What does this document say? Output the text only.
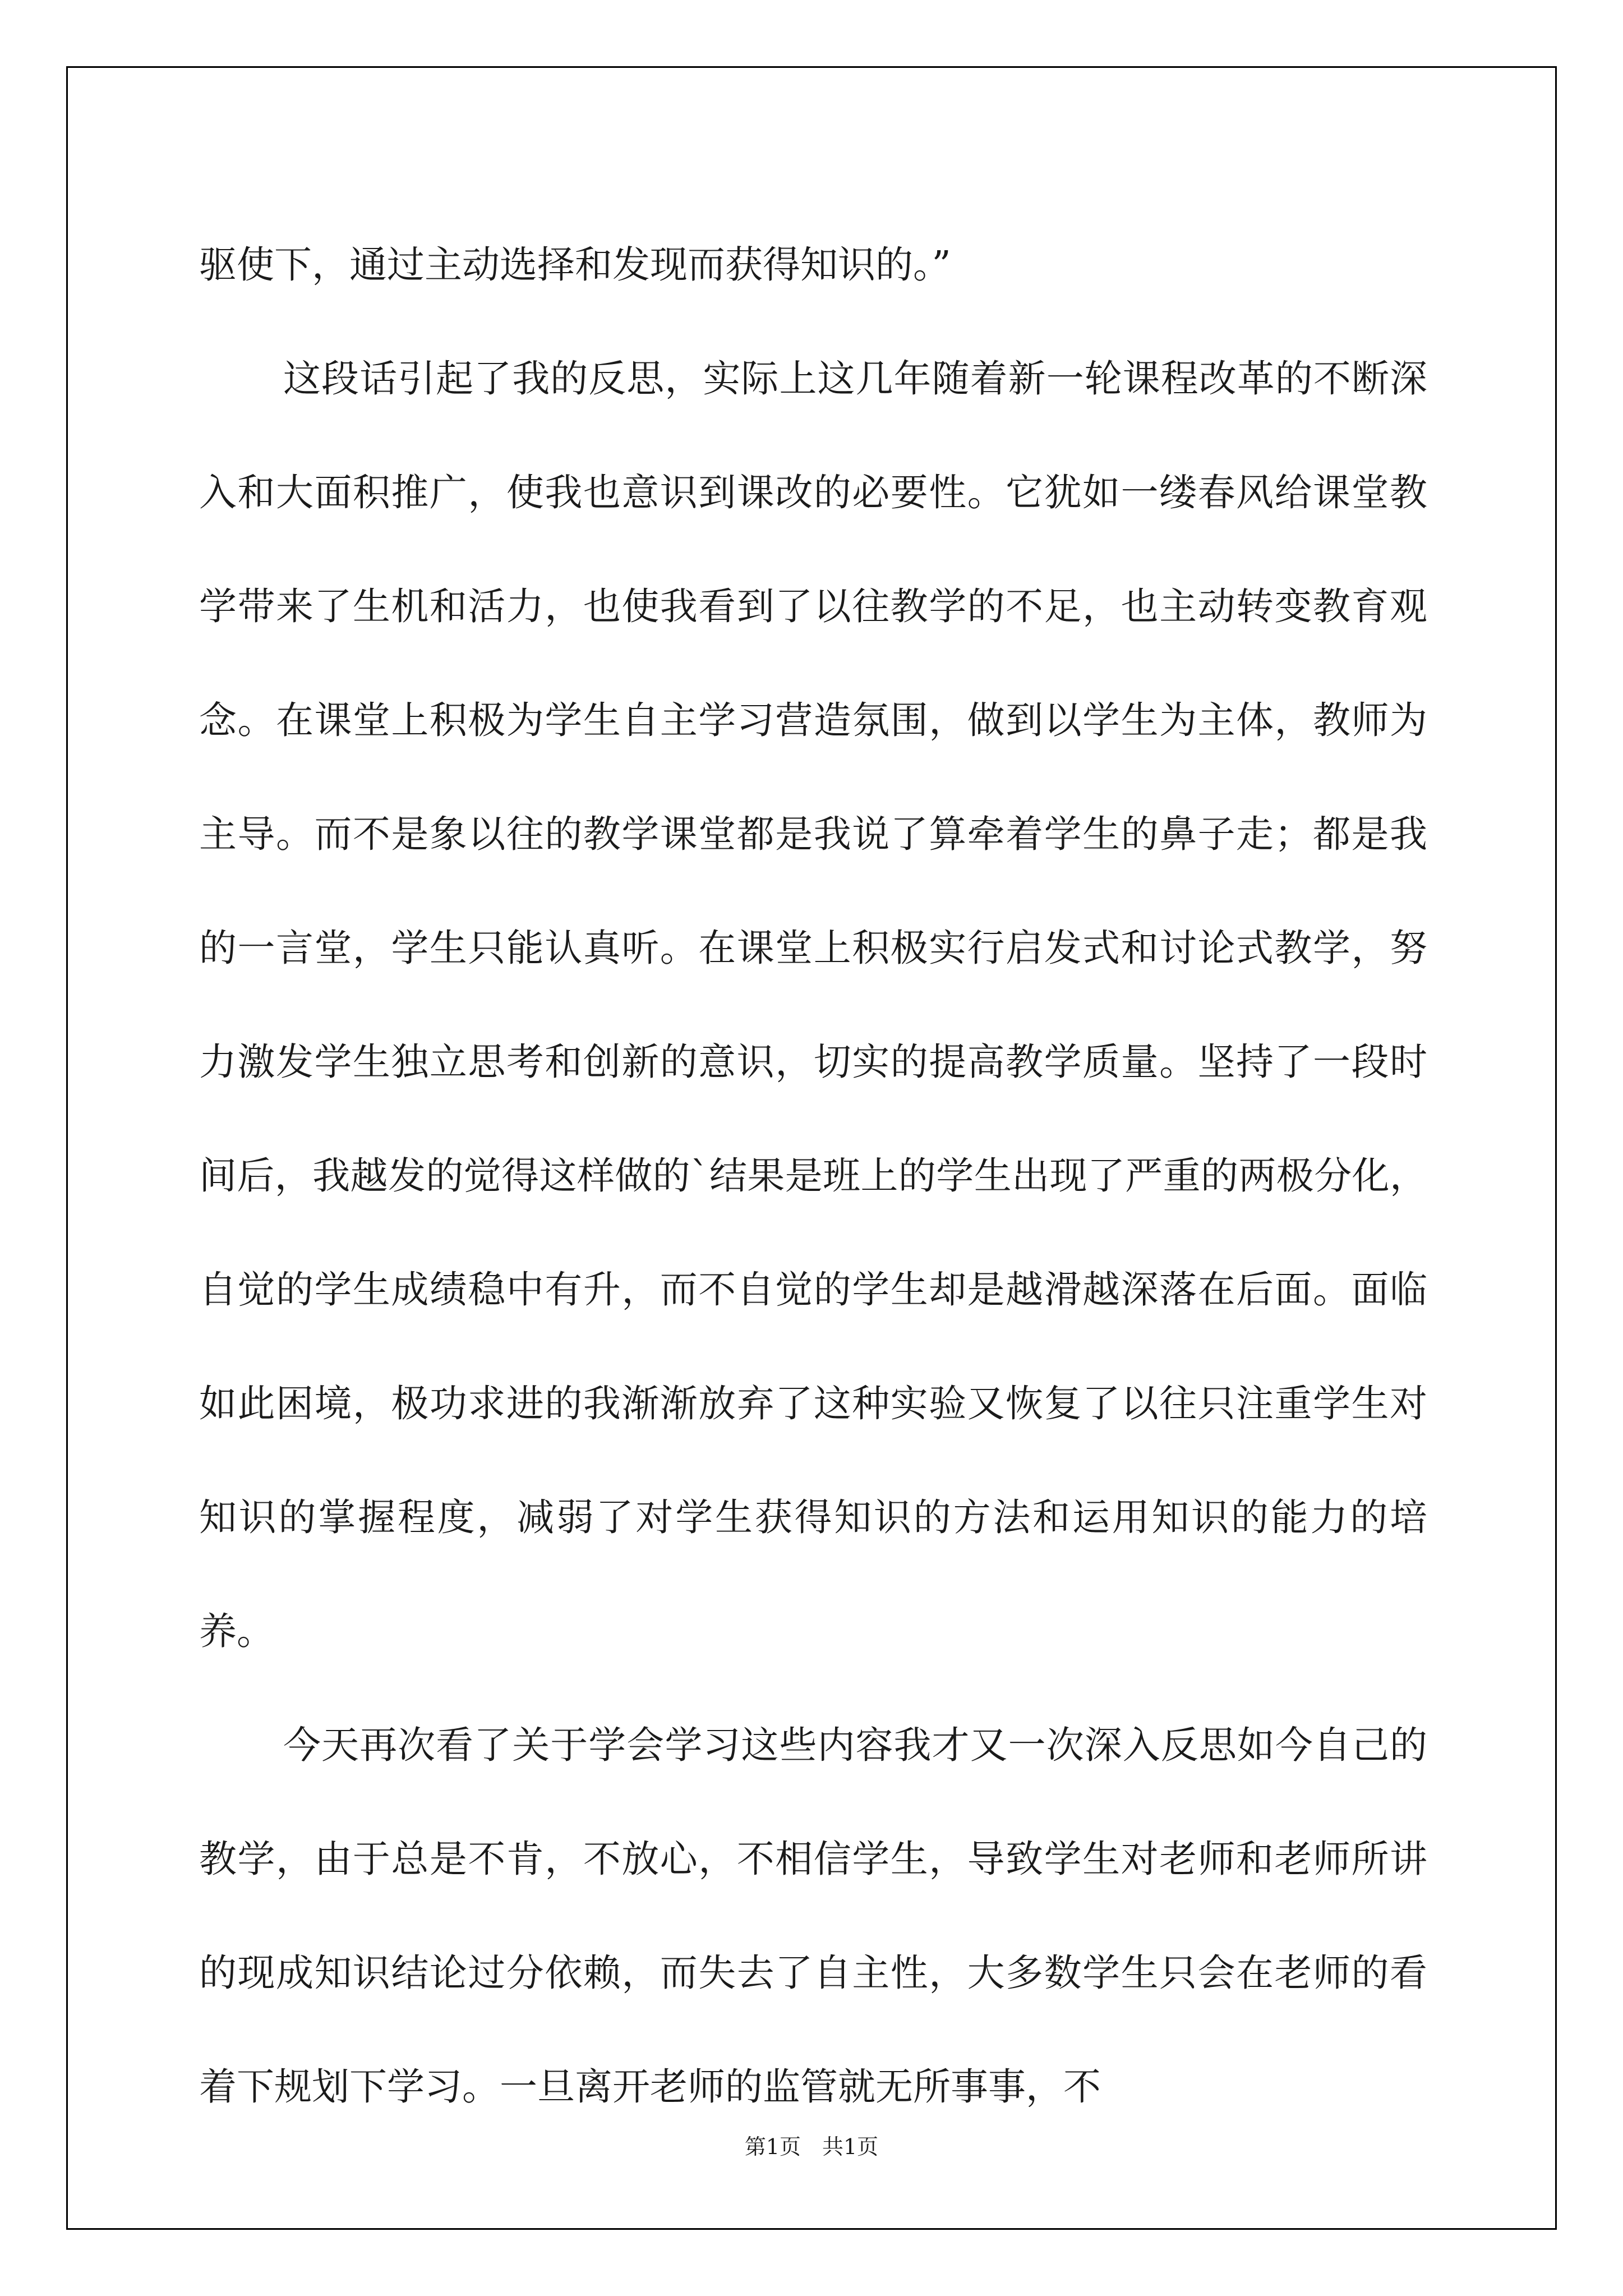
驱使下，通过主动选择和发现而获得知识的。”

这段话引起了我的反思，实际上这几年随着新一轮课程改革的不断深入和大面积推广，使我也意识到课改的必要性。它犹如一缕春风给课堂教学带来了生机和活力，也使我看到了以往教学的不足，也主动转变教育观念。在课堂上积极为学生自主学习营造氛围，做到以学生为主体，教师为主导。而不是象以往的教学课堂都是我说了算牵着学生的鼻子走；都是我的一言堂，学生只能认真听。在课堂上积极实行启发式和讨论式教学，努力激发学生独立思考和创新的意识，切实的提高教学质量。坚持了一段时间后，我越发的觉得这样做的`结果是班上的学生出现了严重的两极分化，自觉的学生成绩稳中有升，而不自觉的学生却是越滑越深落在后面。面临如此困境，极功求进的我渐渐放弃了这种实验又恢复了以往只注重学生对知识的掌握程度，减弱了对学生获得知识的方法和运用知识的能力的培养。

今天再次看了关于学会学习这些内容我才又一次深入反思如今自己的教学，由于总是不肯，不放心，不相信学生，导致学生对老师和老师所讲的现成知识结论过分依赖，而失去了自主性，大多数学生只会在老师的看着下规划下学习。一旦离开老师的监管就无所事事，不

第1页　共1页
